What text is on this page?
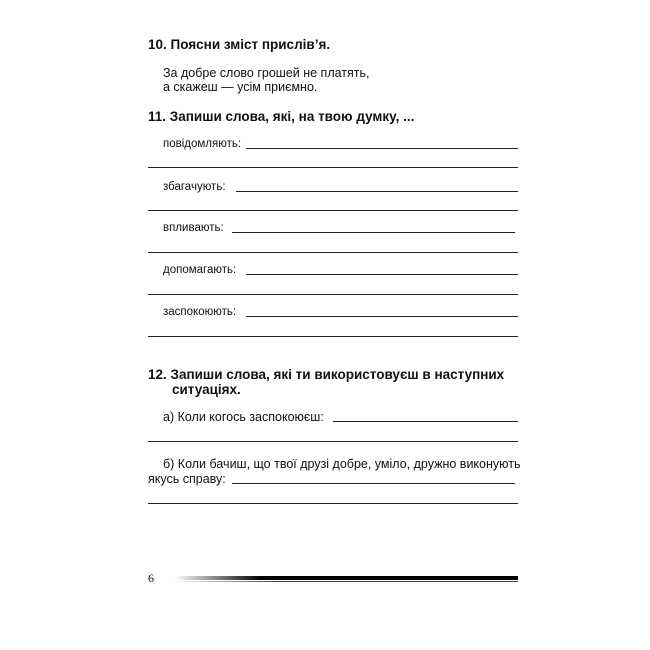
10. Поясни зміст прислів’я.
За добре слово грошей не платять,
а скажеш — усім приємно.
11. Запиши слова, які, на твою думку, ...
повідомляють:
збагачують:
впливають:
допомагають:
заспокоюють:
12. Запиши слова, які ти використовуєш в наступних
ситуаціях.
а) Коли когось заспокоюєш:
б) Коли бачиш, що твої друзі добре, уміло, дружно виконують
якусь справу:
6
